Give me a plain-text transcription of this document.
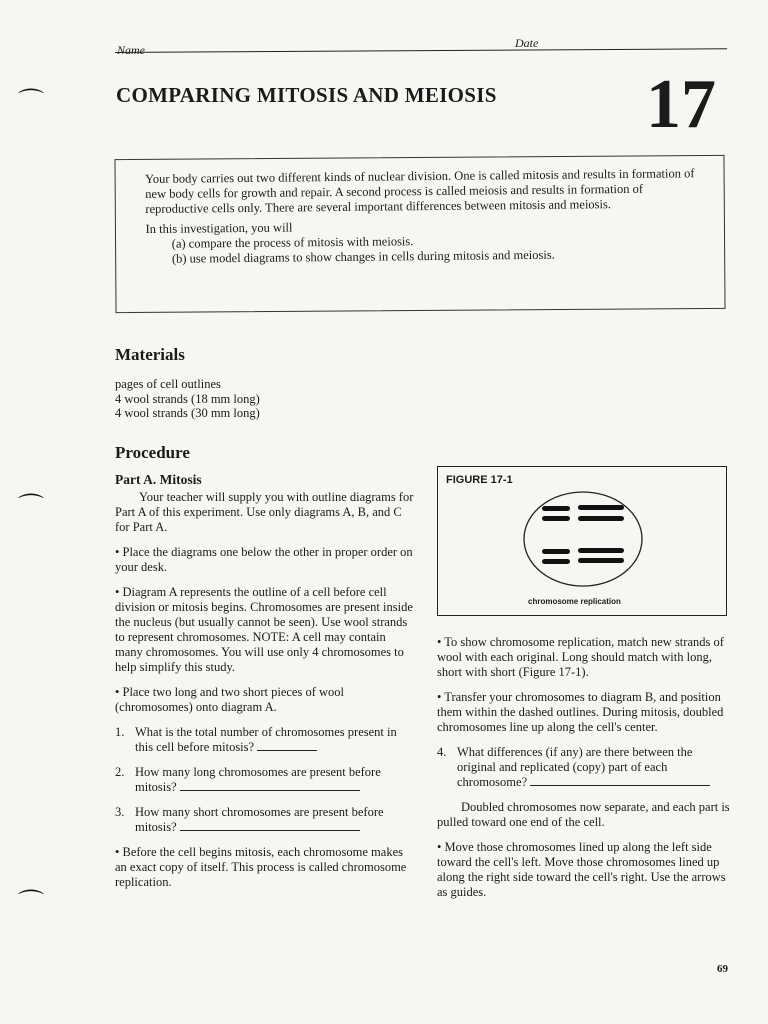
⌒
⌒
⌒
Name	Date
COMPARING MITOSIS AND MEIOSIS 17

Your body carries out two different kinds of nuclear division. One is called mitosis and results in formation of new body cells for growth and repair. A second process is called meiosis and results in formation of reproductive cells only. There are several important differences between mitosis and meiosis.

In this investigation, you will

(a) compare the process of mitosis with meiosis.

(b) use model diagrams to show changes in cells during mitosis and meiosis.

Materials
pages of cell outlines
4 wool strands (18 mm long)
4 wool strands (30 mm long)
Procedure
Part A. Mitosis

Your teacher will supply you with outline diagrams for Part A of this experiment. Use only diagrams A, B, and C for Part A.

• Place the diagrams one below the other in proper order on your desk.

• Diagram A represents the outline of a cell before cell division or mitosis begins. Chromosomes are present inside the nucleus (but usually cannot be seen). Use wool strands to represent chromosomes. NOTE: A cell may contain many chromosomes. You will use only 4 chromosomes to help simplify this study.

• Place two long and two short pieces of wool (chromosomes) onto diagram A.

1. What is the total number of chromosomes present in this cell before mitosis?

2. How many long chromosomes are present before mitosis?

3. How many short chromosomes are present before mitosis?

• Before the cell begins mitosis, each chromosome makes an exact copy of itself. This process is called chromosome replication.

FIGURE 17-1
chromosome replication

• To show chromosome replication, match new strands of wool with each original. Long should match with long, short with short (Figure 17-1).

• Transfer your chromosomes to diagram B, and position them within the dashed outlines. During mitosis, doubled chromosomes line up along the cell's center.

4. What differences (if any) are there between the original and replicated (copy) part of each chromosome?

Doubled chromosomes now separate, and each part is pulled toward one end of the cell.

• Move those chromosomes lined up along the left side toward the cell's left. Move those chromosomes lined up along the right side toward the cell's right. Use the arrows as guides.

69
